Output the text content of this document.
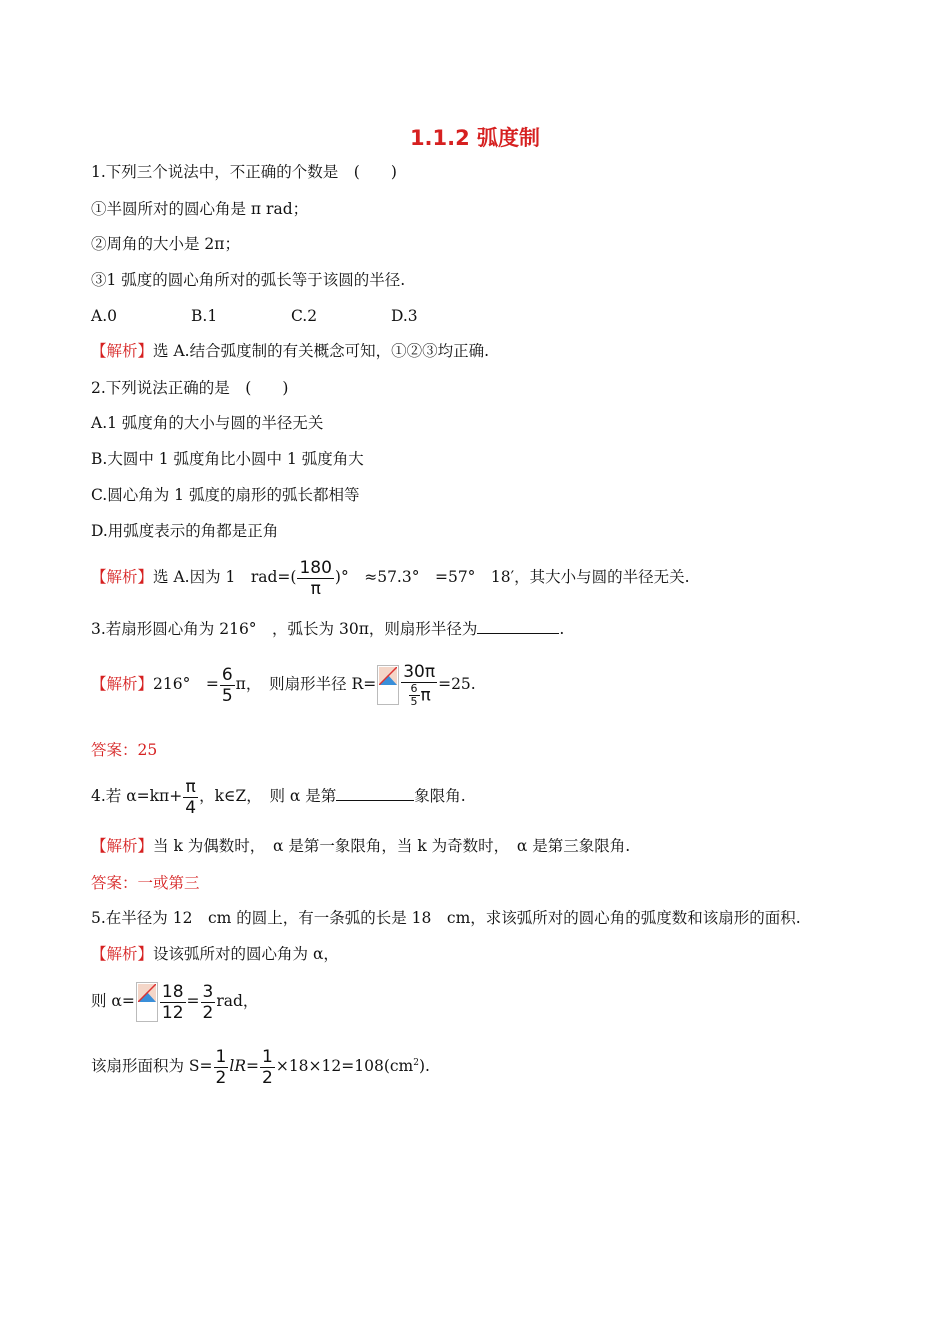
1.1.2 弧度制
1.下列三个说法中，不正确的个数是　(　　)
①半圆所对的圆心角是 π rad；
②周角的大小是 2π；
③1 弧度的圆心角所对的弧长等于该圆的半径.
A.0	B.1	C.2	D.3
【解析】选 A.结合弧度制的有关概念可知，①②③均正确.
2.下列说法正确的是　(　　)
A.1 弧度角的大小与圆的半径无关
B.大圆中 1 弧度角比小圆中 1 弧度角大
C.圆心角为 1 弧度的扇形的弧长都相等
D.用弧度表示的角都是正角
【解析】选 A.因为 1　$rad=( \frac{180}{\pi}$ )°　≈57.3°　=57°　18′，其大小与圆的半径无关.
3.若扇形圆心角为 216°　，弧长为 30π，则扇形半径为	.
【解析】216°　= $\frac{6}{5}$ π，　则扇形半径 $R= \frac{30\pi}{\frac{6}{5} \pi} =25$.
答案：25
4.若 $\alpha=k\pi+ \frac{\pi}{4}$ ，k∈Z，　则 α 是第	象限角.
【解析】当 k 为偶数时，　α 是第一象限角，当 k 为奇数时，　α 是第三象限角.
答案：一或第三
5.在半径为 12　cm 的圆上，有一条弧的长是 18　cm，求该弧所对的圆心角的弧度数和该扇形的面积.
【解析】设该弧所对的圆心角为 α，
则 $\alpha= \frac{18}{12} = \frac{3}{2}$ rad，
该扇形面积为 $S= \frac{1}{2} lR= \frac{1}{2} \times 18\times 12=108(cm^2)$.
